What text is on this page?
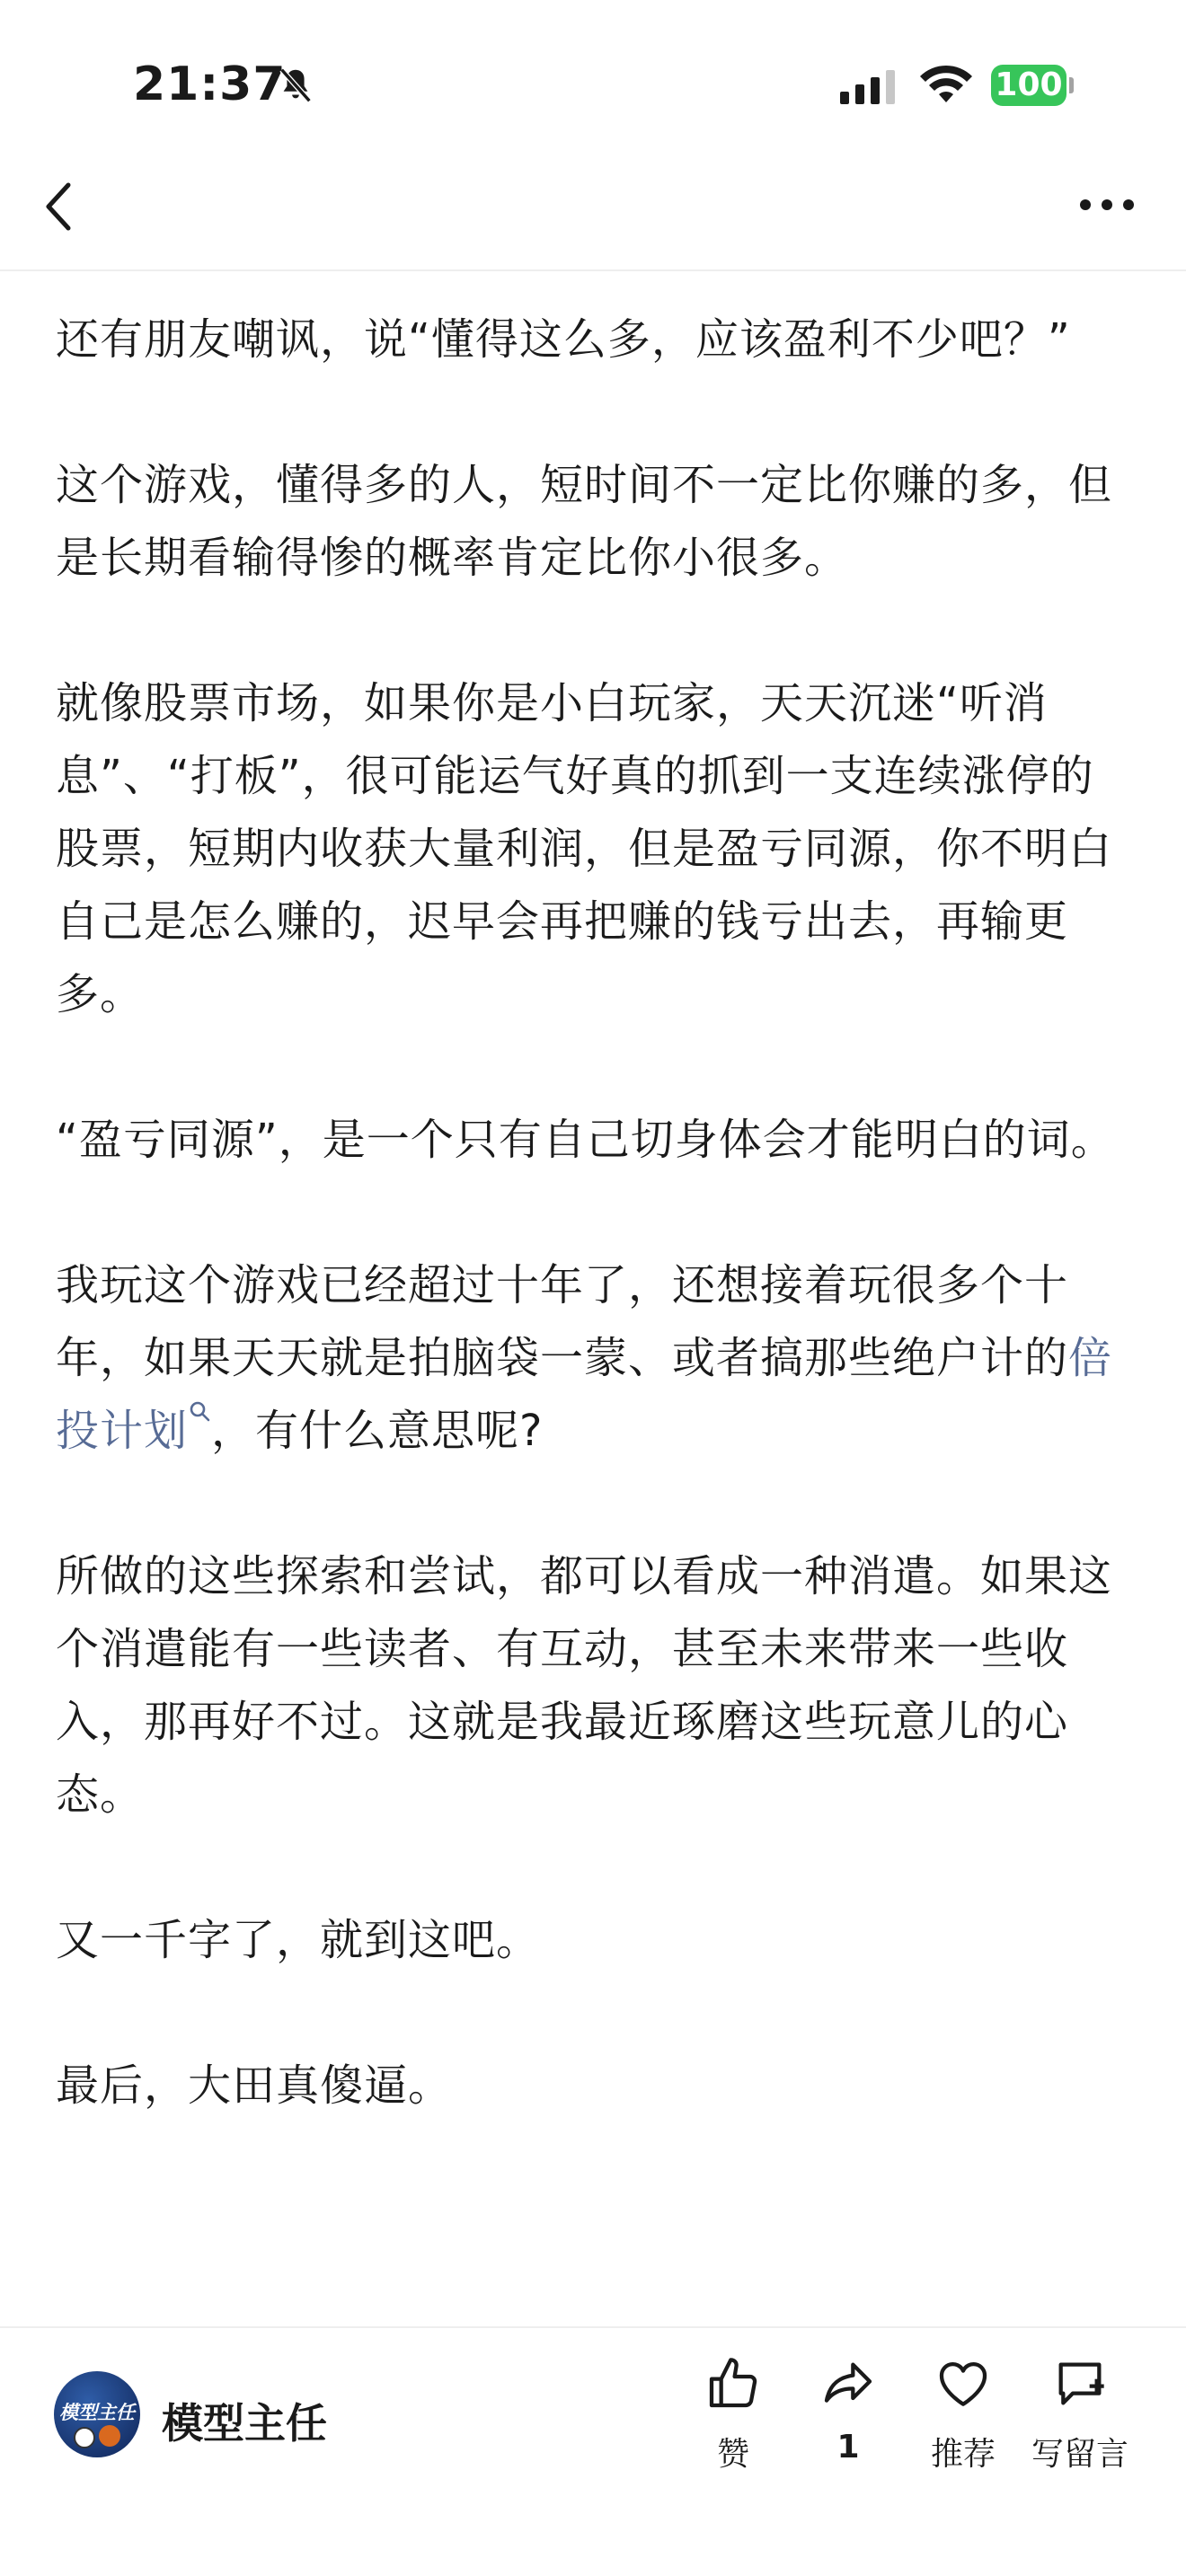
21:37	100

还有朋友嘲讽，说“懂得这么多，应该盈利不少吧？”

这个游戏，懂得多的人，短时间不一定比你赚的多，但是长期看输得惨的概率肯定比你小很多。

就像股票市场，如果你是小白玩家，天天沉迷“听消息”、“打板”，很可能运气好真的抓到一支连续涨停的股票，短期内收获大量利润，但是盈亏同源，你不明白自己是怎么赚的，迟早会再把赚的钱亏出去，再输更多。

“盈亏同源”，是一个只有自己切身体会才能明白的词。

我玩这个游戏已经超过十年了，还想接着玩很多个十年，如果天天就是拍脑袋一蒙、或者搞那些绝户计的倍投计划 ，有什么意思呢?

所做的这些探索和尝试，都可以看成一种消遣。如果这个消遣能有一些读者、有互动，甚至未来带来一些收入，那再好不过。这就是我最近琢磨这些玩意儿的心态。

又一千字了，就到这吧。

最后，大田真傻逼。

模型主任 模型主任
赞	1	推荐	写留言
